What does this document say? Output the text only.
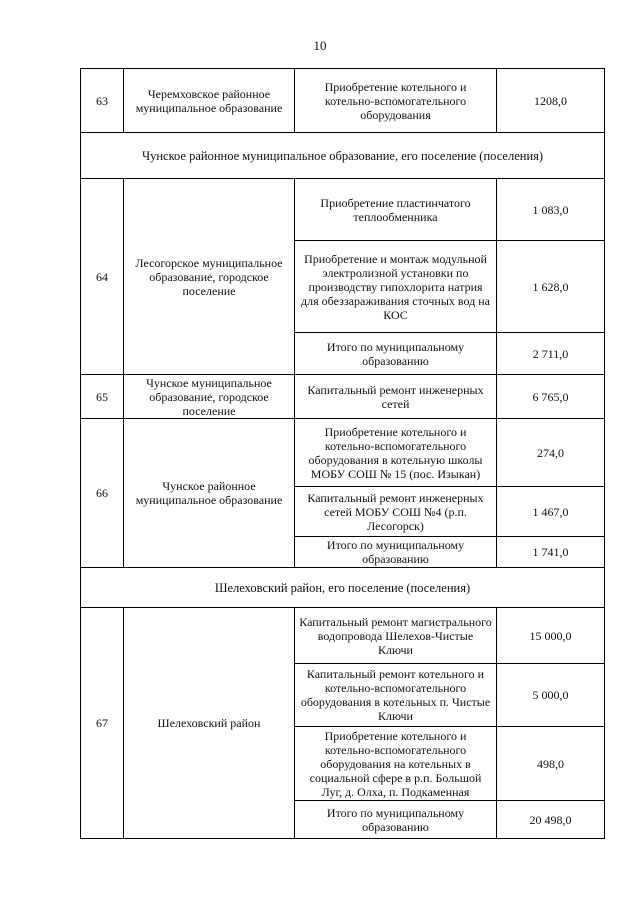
10
63	Черемховское районное муниципальное образование	Приобретение котельного и котельно-вспомогательного оборудования	1208,0
Чунское районное муниципальное образование, его поселение (поселения)			
64	Лесогорское муниципальное образование, городское поселение	Приобретение пластинчатого теплообменника	1 083,0
		Приобретение и монтаж модульной электролизной установки по производству гипохлорита натрия для обеззараживания сточных вод на КОС	1 628,0
		Итого по муниципальному образованию	2 711,0
65	Чунское муниципальное образование, городское поселение	Капитальный ремонт инженерных сетей	6 765,0
66	Чунское районное муниципальное образование	Приобретение котельного и котельно-вспомогательного оборудования в котельную школы МОБУ СОШ № 15 (пос. Изыкан)	274,0
		Капитальный ремонт инженерных сетей МОБУ СОШ №4 (р.п. Лесогорск)	1 467,0
		Итого по муниципальному образованию	1 741,0
Шелеховский район, его поселение (поселения)			
67	Шелеховский район	Капитальный ремонт магистрального водопровода Шелехов-Чистые Ключи	15 000,0
		Капитальный ремонт котельного и котельно-вспомогательного оборудования в котельных п. Чистые Ключи	5 000,0
		Приобретение котельного и котельно-вспомогательного оборудования на котельных в социальной сфере в р.п. Большой Луг, д. Олха, п. Подкаменная	498,0
		Итого по муниципальному образованию	20 498,0
